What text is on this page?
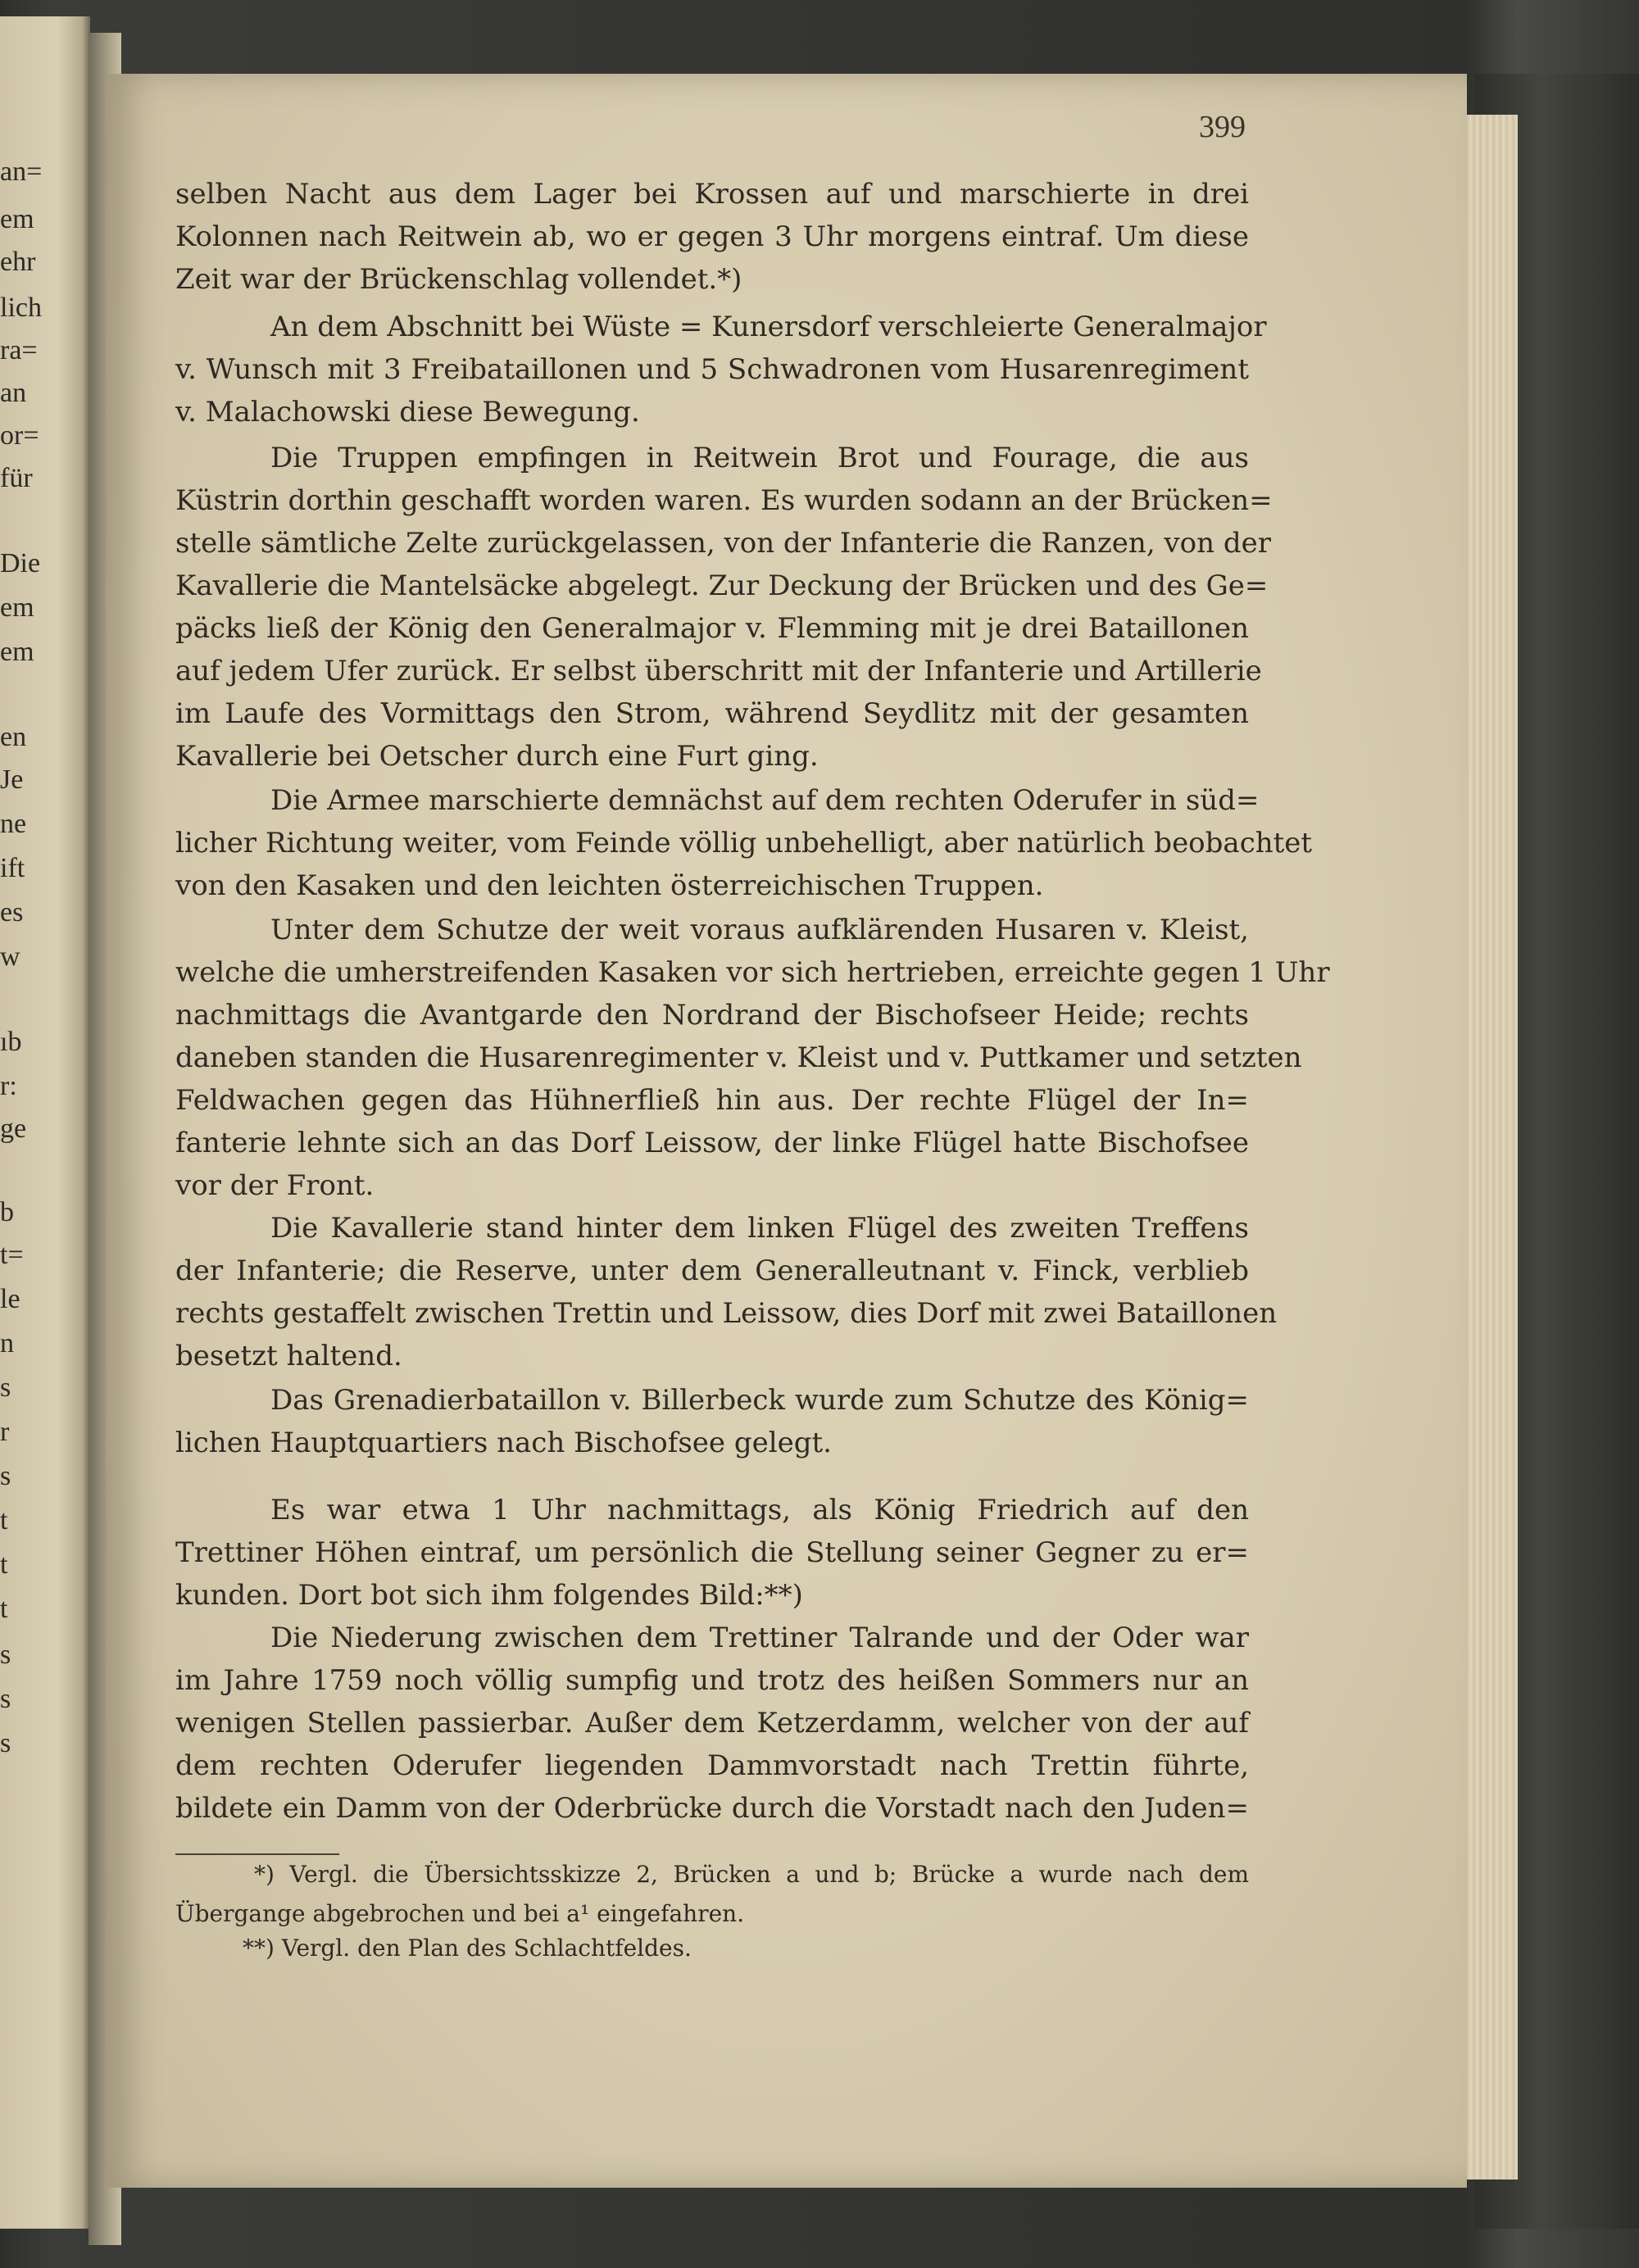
an=
em
ehr
lich
ra=
an
or=
für
Die
em
em
en
Je
ne
ift
es
w
ıb
r:
ge
b
t=
le
n
s
r
s
t
t
t
s
s
s
399
selben Nacht aus dem Lager bei Krossen auf und marschierte in drei
Kolonnen nach Reitwein ab, wo er gegen 3 Uhr morgens eintraf. Um diese
Zeit war der Brückenschlag vollendet.*)
An dem Abschnitt bei Wüste = Kunersdorf verschleierte Generalmajor
v. Wunsch mit 3 Freibataillonen und 5 Schwadronen vom Husarenregiment
v. Malachowski diese Bewegung.
Die Truppen empfingen in Reitwein Brot und Fourage, die aus
Küstrin dorthin geschafft worden waren. Es wurden sodann an der Brücken=
stelle sämtliche Zelte zurückgelassen, von der Infanterie die Ranzen, von der
Kavallerie die Mantelsäcke abgelegt. Zur Deckung der Brücken und des Ge=
päcks ließ der König den Generalmajor v. Flemming mit je drei Bataillonen
auf jedem Ufer zurück. Er selbst überschritt mit der Infanterie und Artillerie
im Laufe des Vormittags den Strom, während Seydlitz mit der gesamten
Kavallerie bei Oetscher durch eine Furt ging.
Die Armee marschierte demnächst auf dem rechten Oderufer in süd=
licher Richtung weiter, vom Feinde völlig unbehelligt, aber natürlich beobachtet
von den Kasaken und den leichten österreichischen Truppen.
Unter dem Schutze der weit voraus aufklärenden Husaren v. Kleist,
welche die umherstreifenden Kasaken vor sich hertrieben, erreichte gegen 1 Uhr
nachmittags die Avantgarde den Nordrand der Bischofseer Heide; rechts
daneben standen die Husarenregimenter v. Kleist und v. Puttkamer und setzten
Feldwachen gegen das Hühnerfließ hin aus. Der rechte Flügel der In=
fanterie lehnte sich an das Dorf Leissow, der linke Flügel hatte Bischofsee
vor der Front.
Die Kavallerie stand hinter dem linken Flügel des zweiten Treffens
der Infanterie; die Reserve, unter dem Generalleutnant v. Finck, verblieb
rechts gestaffelt zwischen Trettin und Leissow, dies Dorf mit zwei Bataillonen
besetzt haltend.
Das Grenadierbataillon v. Billerbeck wurde zum Schutze des König=
lichen Hauptquartiers nach Bischofsee gelegt.
Es war etwa 1 Uhr nachmittags, als König Friedrich auf den
Trettiner Höhen eintraf, um persönlich die Stellung seiner Gegner zu er=
kunden. Dort bot sich ihm folgendes Bild:**)
Die Niederung zwischen dem Trettiner Talrande und der Oder war
im Jahre 1759 noch völlig sumpfig und trotz des heißen Sommers nur an
wenigen Stellen passierbar. Außer dem Ketzerdamm, welcher von der auf
dem rechten Oderufer liegenden Dammvorstadt nach Trettin führte,
bildete ein Damm von der Oderbrücke durch die Vorstadt nach den Juden=
*) Vergl. die Übersichtsskizze 2, Brücken a und b; Brücke a wurde nach dem
Übergange abgebrochen und bei a¹ eingefahren.
**) Vergl. den Plan des Schlachtfeldes.
